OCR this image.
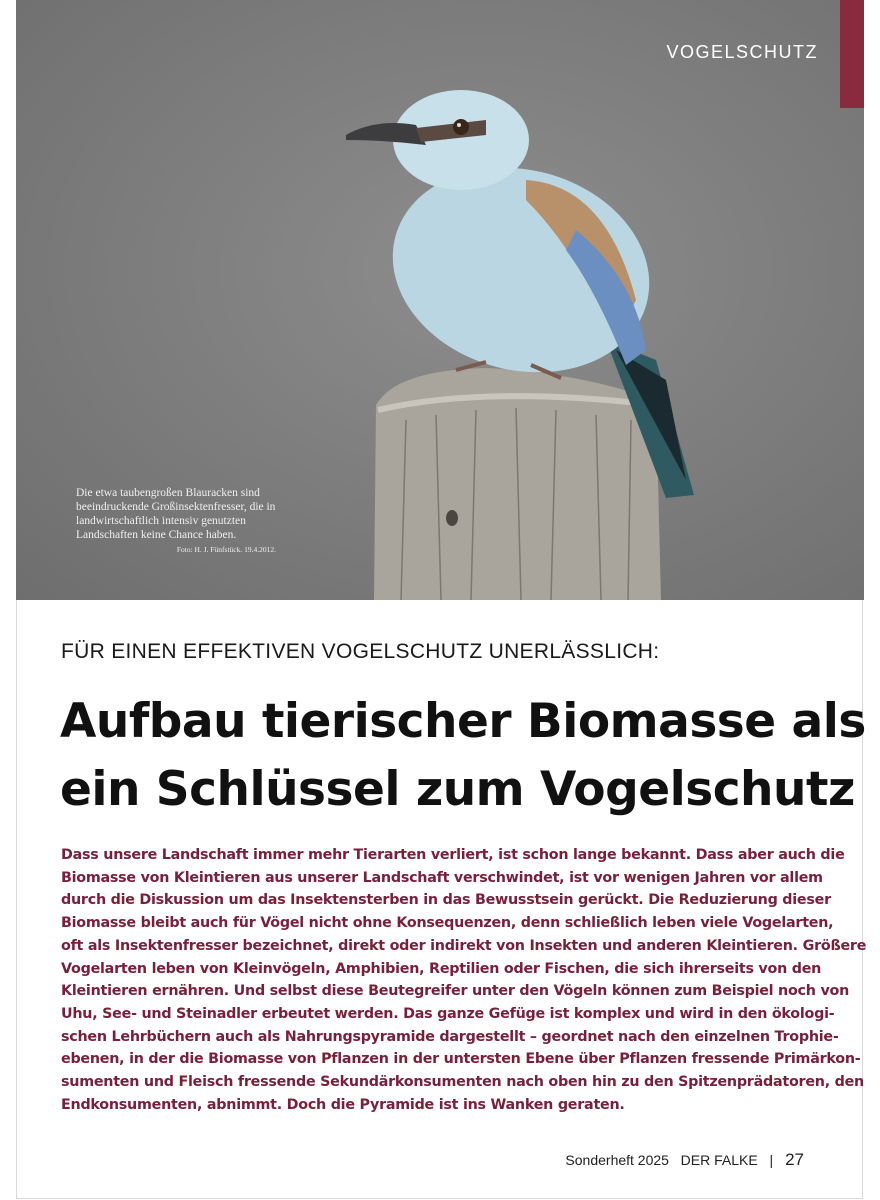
Die etwa taubengroßen Blauracken sind beeindruckende Großinsektenfresser, die in landwirtschaftlich intensiv genutzten Landschaften keine Chance haben.
Foto: H. J. Fünfstück. 19.4.2012.
VOGELSCHUTZ
FÜR EINEN EFFEKTIVEN VOGELSCHUTZ UNERLÄSSLICH:
Aufbau tierischer Biomasse als
ein Schlüssel zum Vogelschutz
Dass unsere Landschaft immer mehr Tierarten verliert, ist schon lange bekannt. Dass aber auch die
Biomasse von Kleintieren aus unserer Landschaft verschwindet, ist vor wenigen Jahren vor allem
durch die Diskussion um das Insektensterben in das Bewusstsein gerückt. Die Reduzierung dieser
Biomasse bleibt auch für Vögel nicht ohne Konsequenzen, denn schließlich leben viele Vogelarten,
oft als Insektenfresser bezeichnet, direkt oder indirekt von Insekten und anderen Kleintieren. Größere
Vogelarten leben von Kleinvögeln, Amphibien, Reptilien oder Fischen, die sich ihrerseits von den
Kleintieren ernähren. Und selbst diese Beutegreifer unter den Vögeln können zum Beispiel noch von
Uhu, See- und Steinadler erbeutet werden. Das ganze Gefüge ist komplex und wird in den ökologi-
schen Lehrbüchern auch als Nahrungspyramide dargestellt – geordnet nach den einzelnen Trophie-
ebenen, in der die Biomasse von Pflanzen in der untersten Ebene über Pflanzen fressende Primärkon-
sumenten und Fleisch fressende Sekundärkonsumenten nach oben hin zu den Spitzenprädatoren, den
Endkonsumenten, abnimmt. Doch die Pyramide ist ins Wanken geraten.
Sonderheft 2025 DER FALKE | 27
